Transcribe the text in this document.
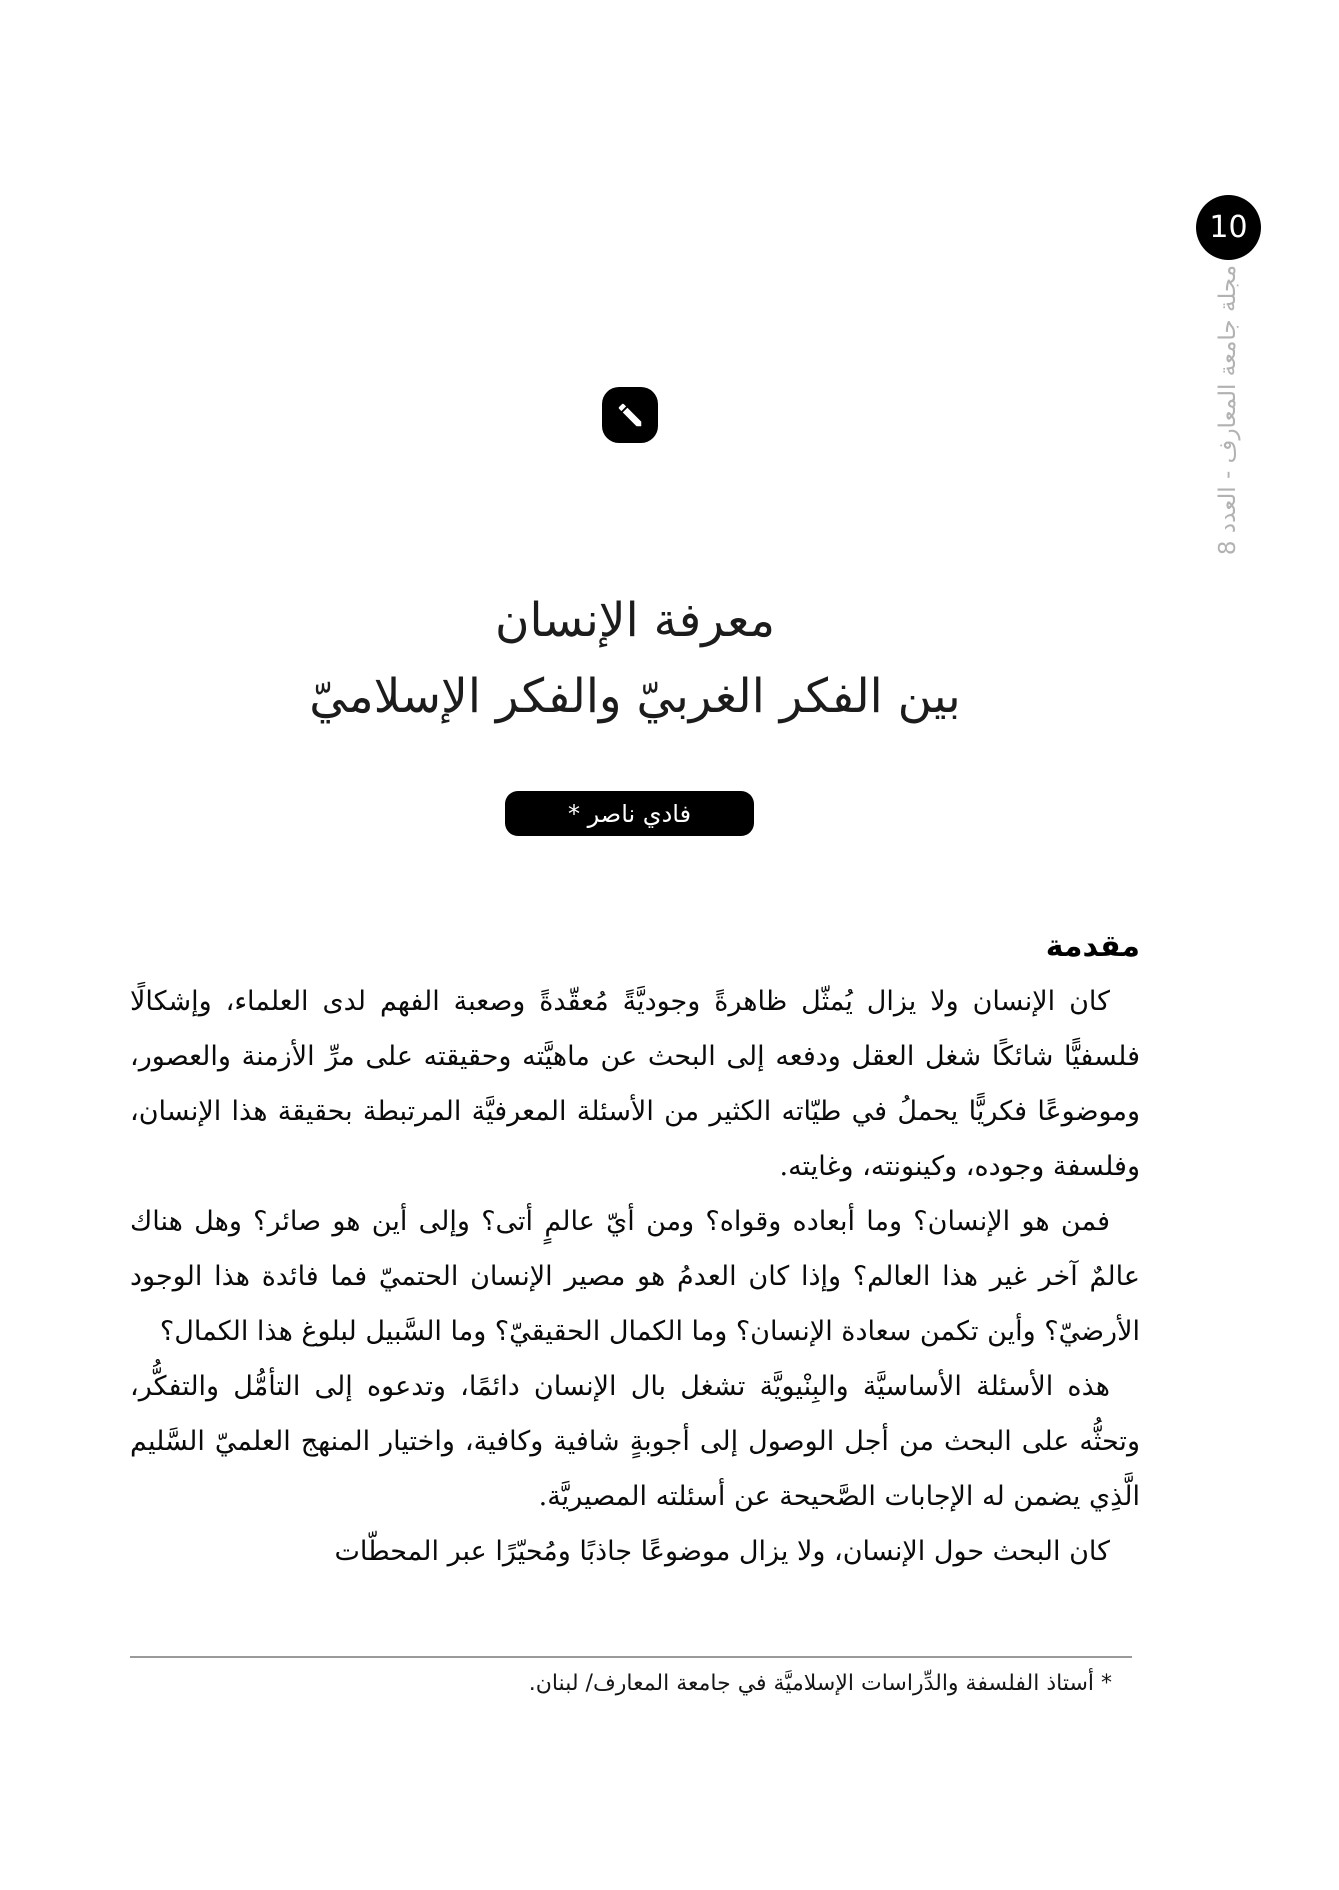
10
مجلة جامعة المعارف - العدد 8
معرفة الإنسان
بين الفكر الغربيّ والفكر الإسلاميّ
فادي ناصر *
مقدمة

كان الإنسان ولا يزال يُمثّل ظاهرةً وجوديَّةً مُعقّدةً وصعبة الفهم لدى العلماء، وإشكالًا فلسفيًّا شائكًا شغل العقل ودفعه إلى البحث عن ماهيَّته وحقيقته على مرِّ الأزمنة والعصور، وموضوعًا فكريًّا يحملُ في طيّاته الكثير من الأسئلة المعرفيَّة المرتبطة بحقيقة هذا الإنسان، وفلسفة وجوده، وكينونته، وغايته.

فمن هو الإنسان؟ وما أبعاده وقواه؟ ومن أيّ عالمٍ أتى؟ وإلى أين هو صائر؟ وهل هناك عالمٌ آخر غير هذا العالم؟ وإذا كان العدمُ هو مصير الإنسان الحتميّ فما فائدة هذا الوجود الأرضيّ؟ وأين تكمن سعادة الإنسان؟ وما الكمال الحقيقيّ؟ وما السَّبيل لبلوغ هذا الكمال؟

هذه الأسئلة الأساسيَّة والبِنْيويَّة تشغل بال الإنسان دائمًا، وتدعوه إلى التأمُّل والتفكُّر، وتحثُّه على البحث من أجل الوصول إلى أجوبةٍ شافية وكافية، واختيار المنهج العلميّ السَّليم الَّذِي يضمن له الإجابات الصَّحيحة عن أسئلته المصيريَّة.

كان البحث حول الإنسان، ولا يزال موضوعًا جاذبًا ومُحيّرًا عبر المحطّات

* أستاذ الفلسفة والدِّراسات الإسلاميَّة في جامعة المعارف/ لبنان.
